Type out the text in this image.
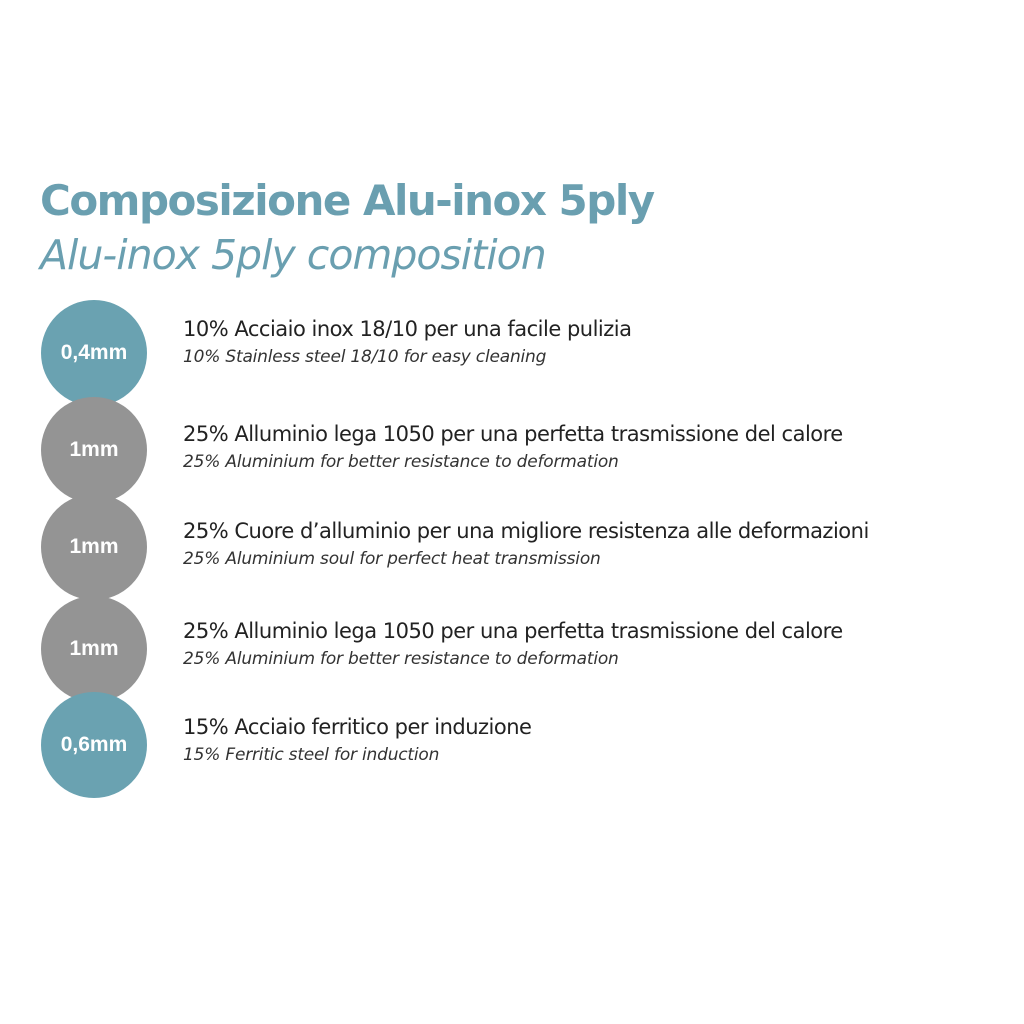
Composizione Alu-inox 5ply
Alu-inox 5ply composition
0,4mm
10% Acciaio inox 18/10 per una facile pulizia
10% Stainless steel 18/10 for easy cleaning
1mm
25% Alluminio lega 1050 per una perfetta trasmissione del calore
25% Aluminium for better resistance to deformation
1mm
25% Cuore d’alluminio per una migliore resistenza alle deformazioni
25% Aluminium soul for perfect heat transmission
1mm
25% Alluminio lega 1050 per una perfetta trasmissione del calore
25% Aluminium for better resistance to deformation
0,6mm
15% Acciaio ferritico per induzione
15% Ferritic steel for induction
